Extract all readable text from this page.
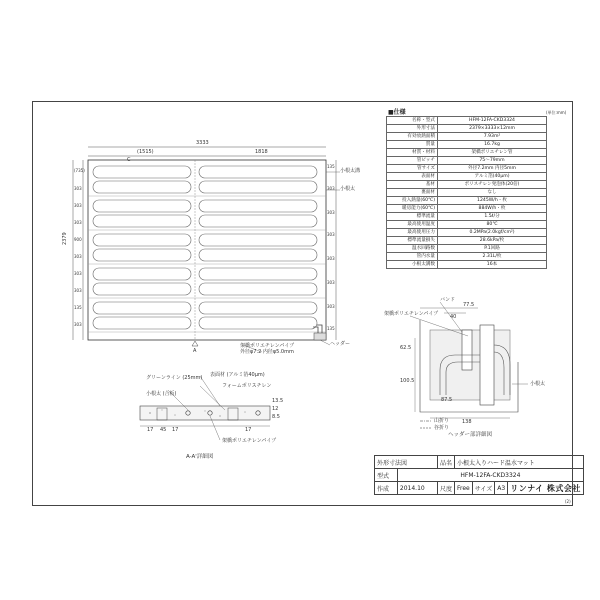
3333
(1515)	1818
2379
小根太溝
小根太
架橋ポリエチレンパイプ
外径φ7.2 内径φ5.0mm
ヘッダー
C
A
グリーンライン (25mm)
小根太 (合板)
表面材 (アルミ箔40μm)
フォームポリスチレン
架橋ポリエチレンパイプ
17 45 17	17
13.5
12
8.5
A-A'詳細図
バンド
架橋ポリエチレンパイプ
小根太
77.5
40
62.5
100.5
87.5
138
山折り
谷折り
ヘッダー部詳細図
■仕様	(単位:mm)
名称・型式	HFM-12FA-CKD3324
外形寸法	2379×3333×12mm
有効放熱面積	7.93m²
質量	16.7kg
材質・材料	架橋ポリエチレン管
管ピッチ	75〜79mm
管サイズ	外径7.2mm 内径5mm
表面材	アルミ箔(40μm)
基材	ポリスチレン発泡体(20倍)
裏面材	なし
投入熱量(60℃)	1245W/h・枚
暖房能力(60℃)	884W/h・枚
標準流量	1.5ℓ/分
最高使用温度	80℃
最高使用圧力	0.2MPa(2.0kgf/cm²)
標準流量損失	28.6kPa/枚
温水回路数	P.1回路
管内水量	2.31L/枚
小根太溝数	16本
外形寸法図		品名	小根太入りハード温水マット			
型式	HFM-12FA-CKD3324					
作成	2014.10	尺度	Free	サイズ	A3	リンナイ 株式会社
(2)
(735)
303
303
303
900
303
303
303
135
303
135
303
303
303
303
303
303
135
